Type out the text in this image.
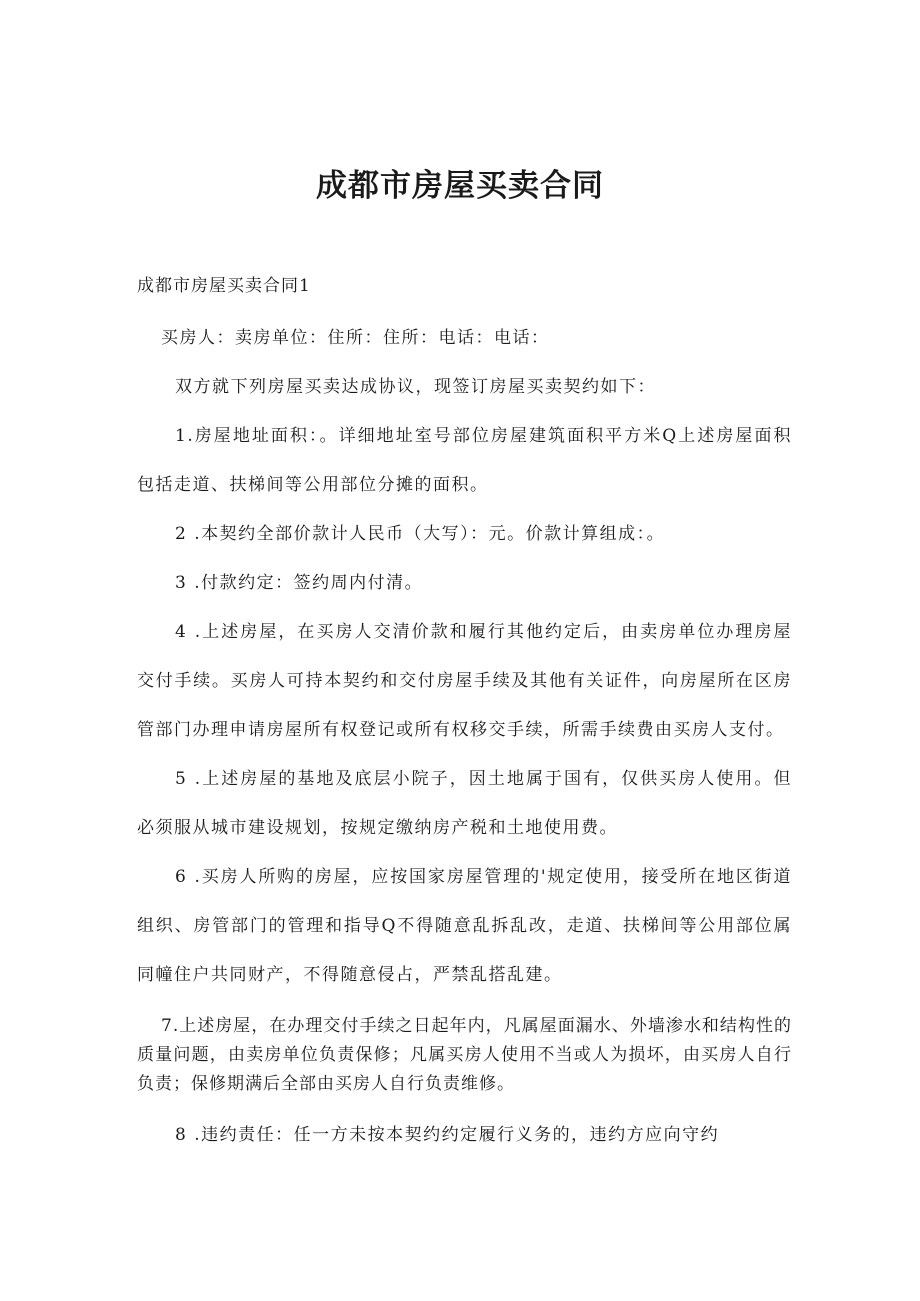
成都市房屋买卖合同

成都市房屋买卖合同1

买房人：卖房单位：住所：住所：电话：电话：

双方就下列房屋买卖达成协议，现签订房屋买卖契约如下：

1.房屋地址面积：。详细地址室号部位房屋建筑面积平方米Q上述房屋面积包括走道、扶梯间等公用部位分摊的面积。

2 .本契约全部价款计人民币（大写）：元。价款计算组成：。

3 .付款约定：签约周内付清。

4 .上述房屋，在买房人交清价款和履行其他约定后，由卖房单位办理房屋交付手续。买房人可持本契约和交付房屋手续及其他有关证件，向房屋所在区房管部门办理申请房屋所有权登记或所有权移交手续，所需手续费由买房人支付。

5 .上述房屋的基地及底层小院子，因土地属于国有，仅供买房人使用。但必须服从城市建设规划，按规定缴纳房产税和土地使用费。

6 .买房人所购的房屋，应按国家房屋管理的'规定使用，接受所在地区街道组织、房管部门的管理和指导Q不得随意乱拆乱改，走道、扶梯间等公用部位属同幢住户共同财产，不得随意侵占，严禁乱搭乱建。

7.上述房屋，在办理交付手续之日起年内，凡属屋面漏水、外墙渗水和结构性的质量问题，由卖房单位负责保修；凡属买房人使用不当或人为损坏，由买房人自行负责；保修期满后全部由买房人自行负责维修。

8 .违约责任：任一方未按本契约约定履行义务的，违约方应向守约
